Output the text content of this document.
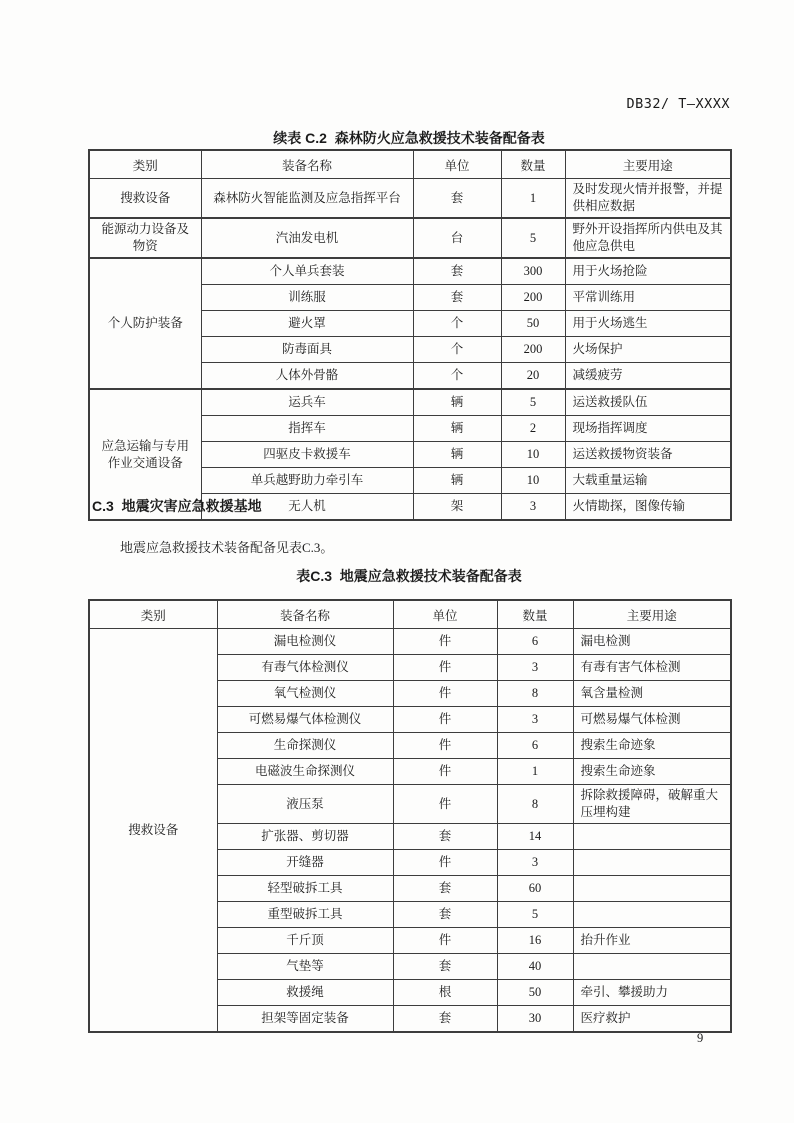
DB32/ T—XXXX
续表 C.2  森林防火应急救援技术装备配备表
类别	装备名称	单位	数量	主要用途
搜救设备	森林防火智能监测及应急指挥平台	套	1	及时发现火情并报警，并提供相应数据
能源动力设备及物资	汽油发电机	台	5	野外开设指挥所内供电及其他应急供电
个人防护装备	个人单兵套装	套	300	用于火场抢险
	训练服	套	200	平常训练用
	避火罩	个	50	用于火场逃生
	防毒面具	个	200	火场保护
	人体外骨骼	个	20	减缓疲劳
应急运输与专用作业交通设备	运兵车	辆	5	运送救援队伍
	指挥车	辆	2	现场指挥调度
	四驱皮卡救援车	辆	10	运送救援物资装备
	单兵越野助力牵引车	辆	10	大载重量运输
	无人机	架	3	火情勘探，图像传输
C.3  地震灾害应急救援基地
地震应急救援技术装备配备见表C.3。
表C.3  地震应急救援技术装备配备表
类别	装备名称	单位	数量	主要用途
搜救设备	漏电检测仪	件	6	漏电检测
	有毒气体检测仪	件	3	有毒有害气体检测
	氧气检测仪	件	8	氧含量检测
	可燃易爆气体检测仪	件	3	可燃易爆气体检测
	生命探测仪	件	6	搜索生命迹象
	电磁波生命探测仪	件	1	搜索生命迹象
	液压泵	件	8	拆除救援障碍，破解重大压埋构建
	扩张器、剪切器	套	14	
	开缝器	件	3	
	轻型破拆工具	套	60	
	重型破拆工具	套	5	
	千斤顶	件	16	抬升作业
	气垫等	套	40	
	救援绳	根	50	牵引、攀援助力
	担架等固定装备	套	30	医疗救护
9
